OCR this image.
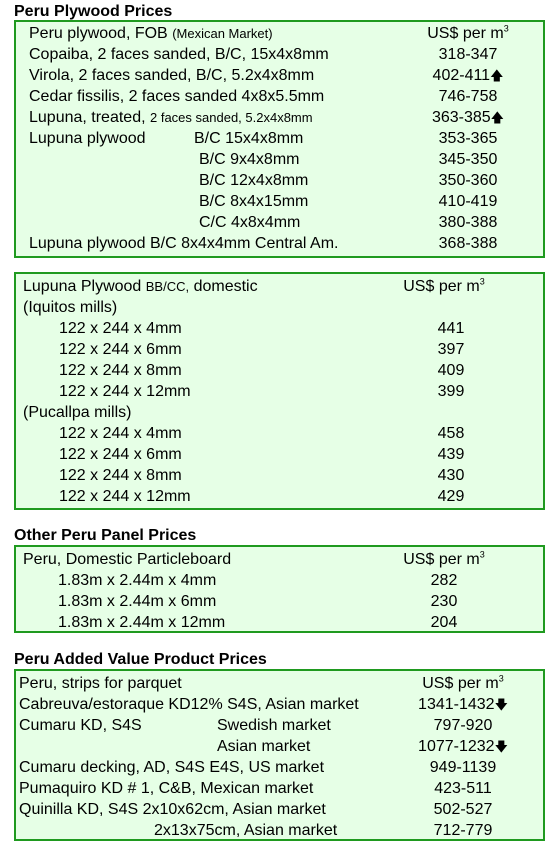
Peru Plywood Prices
Peru plywood, FOB (Mexican Market)	US$ per $m^3$
Copaiba, 2 faces sanded, B/C, 15x4x8mm	318-347
Virola, 2 faces sanded, B/C, 5.2x4x8mm	402-411🡅
Cedar fissilis, 2 faces sanded 4x8x5.5mm	746-758
Lupuna, treated, 2 faces sanded, 5.2x4x8mm	363-385🡅
Lupuna plywood	B/C 15x4x8mm	353-365
B/C 9x4x8mm	345-350
B/C 12x4x8mm	350-360
B/C 8x4x15mm	410-419
C/C 4x8x4mm	380-388
Lupuna plywood B/C 8x4x4mm Central Am.	368-388
Lupuna Plywood BB/CC, domestic	US$ per $m^3$
(Iquitos mills)
122 x 244 x 4mm	441
122 x 244 x 6mm	397
122 x 244 x 8mm	409
122 x 244 x 12mm	399
(Pucallpa mills)
122 x 244 x 4mm	458
122 x 244 x 6mm	439
122 x 244 x 8mm	430
122 x 244 x 12mm	429
Other Peru Panel Prices
Peru, Domestic Particleboard	US$ per $m^3$
1.83m x 2.44m x 4mm	282
1.83m x 2.44m x 6mm	230
1.83m x 2.44m x 12mm	204
Peru Added Value Product Prices
Peru, strips for parquet	US$ per $m^3$
Cabreuva/estoraque KD12% S4S, Asian market	1341-1432🡇
Cumaru KD, S4S	Swedish market	797-920
Asian market	1077-1232🡇
Cumaru decking, AD, S4S E4S, US market	949-1139
Pumaquiro KD # 1, C&B, Mexican market	423-511
Quinilla KD, S4S 2x10x62cm, Asian market	502-527
2x13x75cm, Asian market	712-779
